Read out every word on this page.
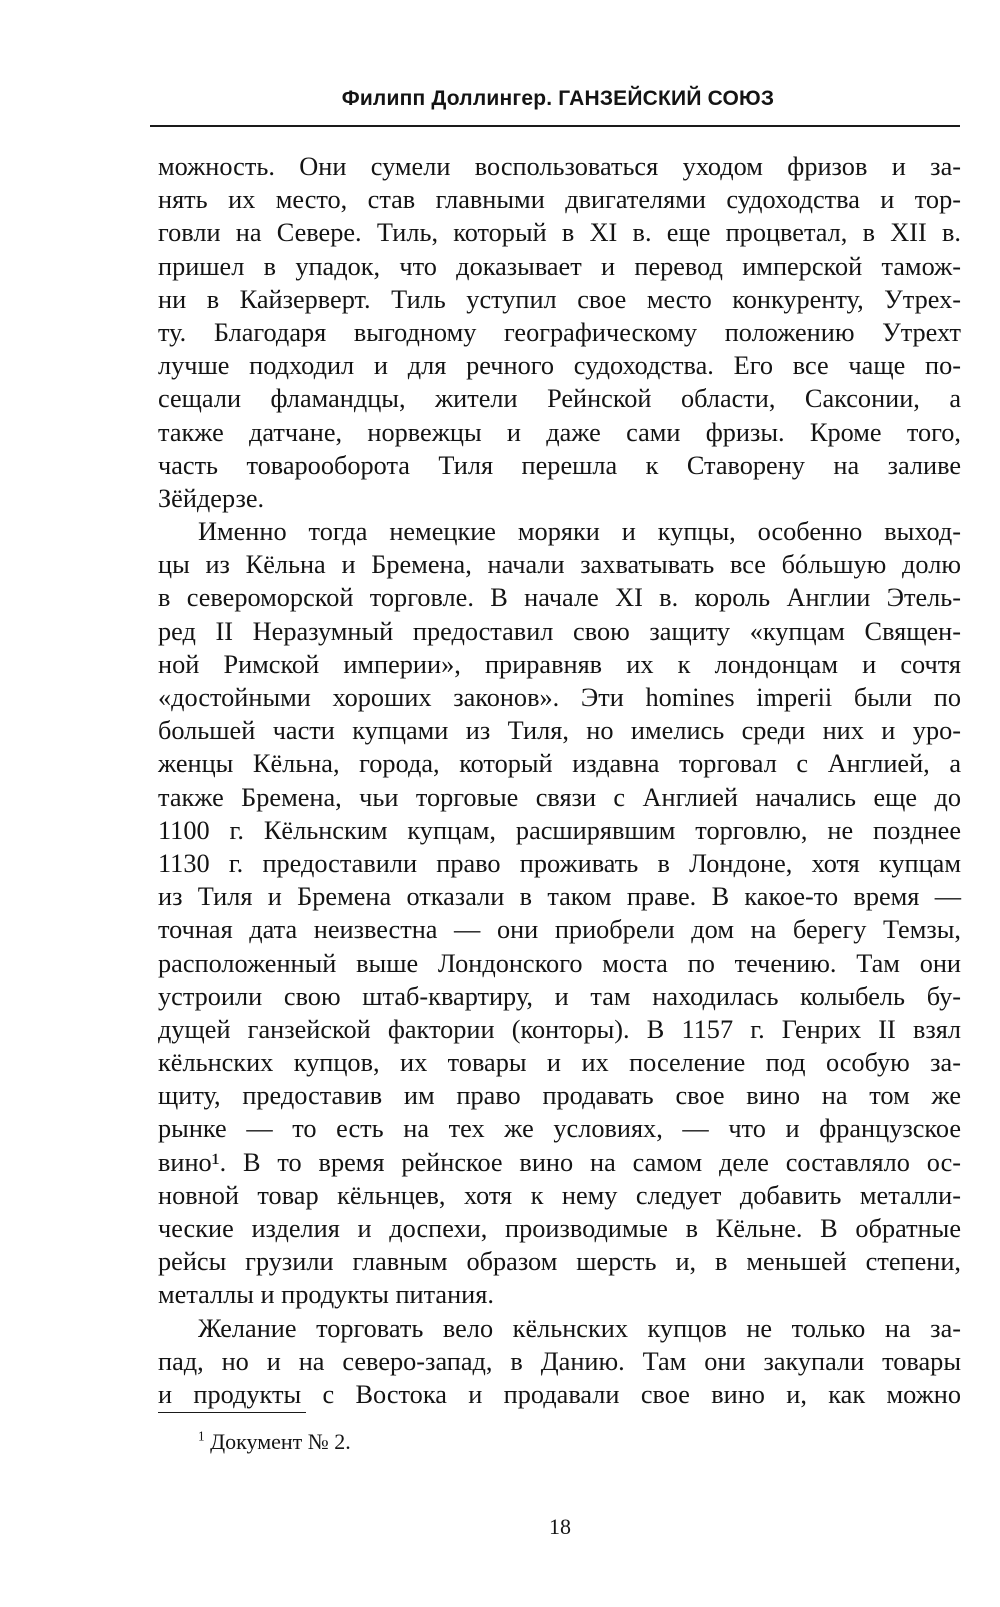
Филипп Доллингер. ГАНЗЕЙСКИЙ СОЮЗ
можность. Они сумели воспользоваться уходом фризов и за-
нять их место, став главными двигателями судоходства и тор-
говли на Севере. Тиль, который в XI в. еще процветал, в XII в.
пришел в упадок, что доказывает и перевод имперской тамож-
ни в Кайзерверт. Тиль уступил свое место конкуренту, Утрех-
ту. Благодаря выгодному географическому положению Утрехт
лучше подходил и для речного судоходства. Его все чаще по-
сещали фламандцы, жители Рейнской области, Саксонии, а
также датчане, норвежцы и даже сами фризы. Кроме того,
часть товарооборота Тиля перешла к Ставорену на заливе
Зёйдерзе.
Именно тогда немецкие моряки и купцы, особенно выход-
цы из Кёльна и Бремена, начали захватывать все бóльшую долю
в североморской торговле. В начале XI в. король Англии Этель-
ред II Неразумный предоставил свою защиту «купцам Священ-
ной Римской империи», приравняв их к лондонцам и сочтя
«достойными хороших законов». Эти homines imperii были по
большей части купцами из Тиля, но имелись среди них и уро-
женцы Кёльна, города, который издавна торговал с Англией, а
также Бремена, чьи торговые связи с Англией начались еще до
1100 г. Кёльнским купцам, расширявшим торговлю, не позднее
1130 г. предоставили право проживать в Лондоне, хотя купцам
из Тиля и Бремена отказали в таком праве. В какое-то время —
точная дата неизвестна — они приобрели дом на берегу Темзы,
расположенный выше Лондонского моста по течению. Там они
устроили свою штаб-квартиру, и там находилась колыбель бу-
дущей ганзейской фактории (конторы). В 1157 г. Генрих II взял
кёльнских купцов, их товары и их поселение под особую за-
щиту, предоставив им право продавать свое вино на том же
рынке — то есть на тех же условиях, — что и французское
вино¹. В то время рейнское вино на самом деле составляло ос-
новной товар кёльнцев, хотя к нему следует добавить металли-
ческие изделия и доспехи, производимые в Кёльне. В обратные
рейсы грузили главным образом шерсть и, в меньшей степени,
металлы и продукты питания.
Желание торговать вело кёльнских купцов не только на за-
пад, но и на северо-запад, в Данию. Там они закупали товары
и продукты с Востока и продавали свое вино и, как можно
$^1$ Документ № 2.
18
